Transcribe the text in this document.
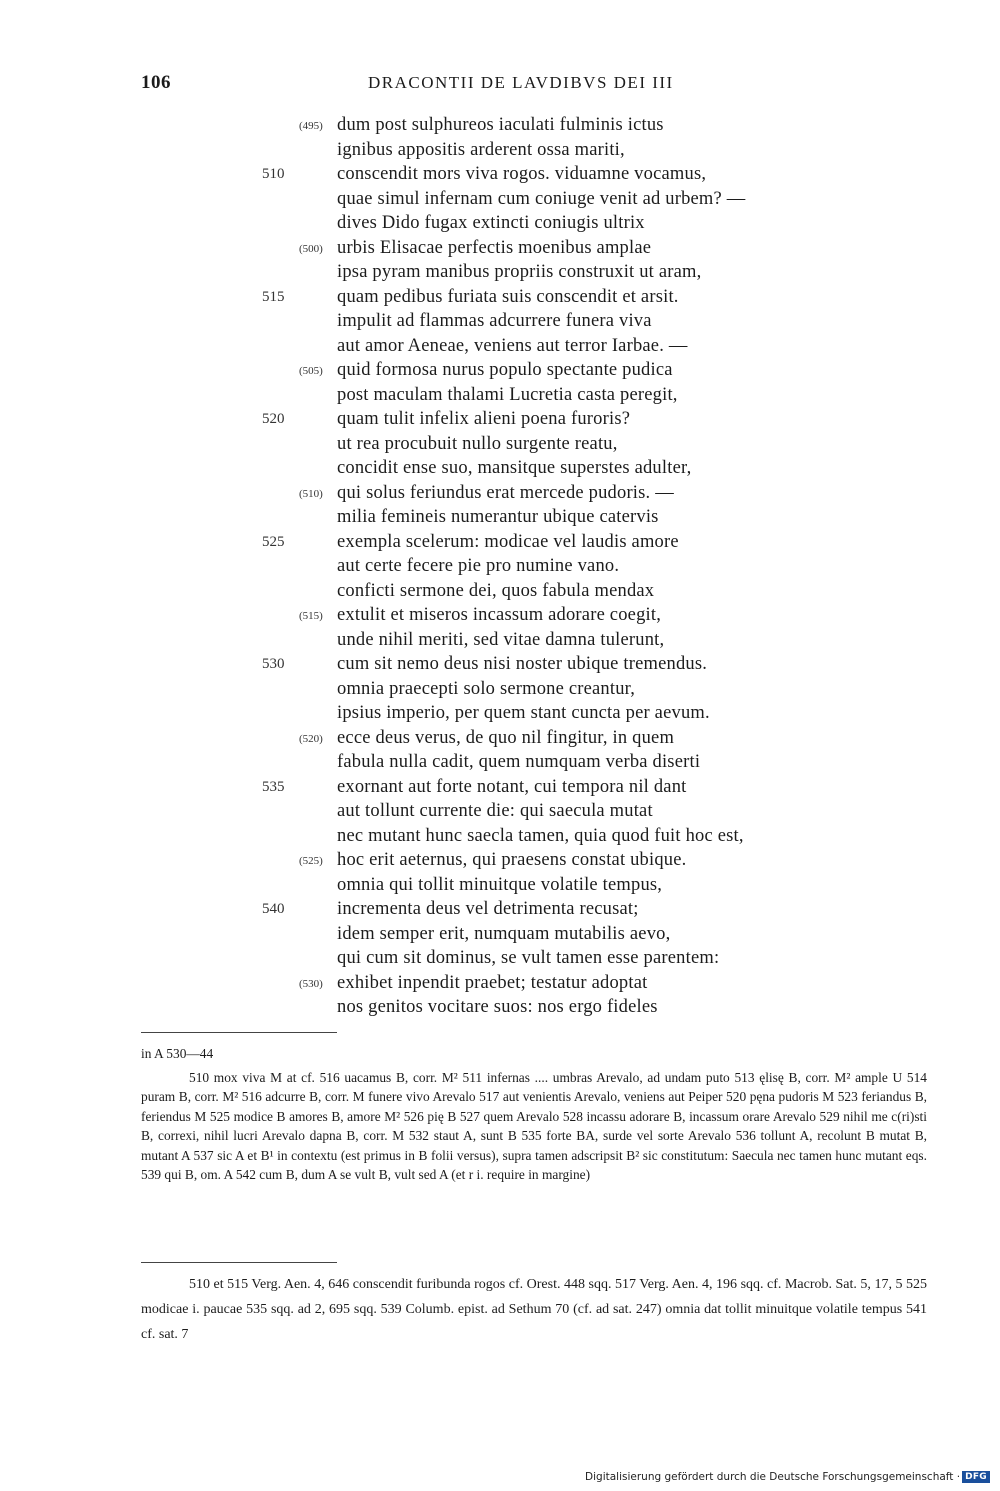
106	DRACONTII DE LAVDIBVS DEI III
(495) dum post sulphureos iaculati fulminis ictus
ignibus appositis arderent ossa mariti,
510	conscendit mors viva rogos. viduamne vocamus,
quae simul infernam cum coniuge venit ad urbem? —
dives Dido fugax extincti coniugis ultrix
(500) urbis Elisacae perfectis moenibus amplae
ipsa pyram manibus propriis construxit ut aram,
515	quam pedibus furiata suis conscendit et arsit.
impulit ad flammas adcurrere funera viva
aut amor Aeneae, veniens aut terror Iarbae. —
(505) quid formosa nurus populo spectante pudica
post maculam thalami Lucretia casta peregit,
520	quam tulit infelix alieni poena furoris?
ut rea procubuit nullo surgente reatu,
concidit ense suo, mansitque superstes adulter,
(510) qui solus feriundus erat mercede pudoris. —
milia femineis numerantur ubique catervis
525	exempla scelerum: modicae vel laudis amore
aut certe fecere pie pro numine vano.
conficti sermone dei, quos fabula mendax
(515) extulit et miseros incassum adorare coegit,
unde nihil meriti, sed vitae damna tulerunt,
530	cum sit nemo deus nisi noster ubique tremendus.
omnia praecepti solo sermone creantur,
ipsius imperio, per quem stant cuncta per aevum.
(520) ecce deus verus, de quo nil fingitur, in quem
fabula nulla cadit, quem numquam verba diserti
535	exornant aut forte notant, cui tempora nil dant
aut tollunt currente die: qui saecula mutat
nec mutant hunc saecla tamen, quia quod fuit hoc est,
(525) hoc erit aeternus, qui praesens constat ubique.
omnia qui tollit minuitque volatile tempus,
540	incrementa deus vel detrimenta recusat;
idem semper erit, numquam mutabilis aevo,
qui cum sit dominus, se vult tamen esse parentem:
(530) exhibet inpendit praebet; testatur adoptat
nos genitos vocitare suos: nos ergo fideles
in A 530—44
510 mox viva M at cf. 516 uacamus B, corr. M² 511 infernas .... umbras Arevalo, ad undam puto 513 ęlisę B, corr. M² ample U 514 puram B, corr. M² 516 adcurre B, corr. M funere vivo Arevalo 517 aut venientis Arevalo, veniens aut Peiper 520 pęna pudoris M 523 feriandus B, feriendus M 525 modice B amores B, amore M² 526 pię B 527 quem Arevalo 528 incassu adorare B, incassum orare Arevalo 529 nihil me c(ri)sti B, correxi, nihil lucri Arevalo dapna B, corr. M 532 staut A, sunt B 535 forte BA, surde vel sorte Arevalo 536 tollunt A, recolunt B mutat B, mutant A 537 sic A et B¹ in contextu (est primus in B folii versus), supra tamen adscripsit B² sic constitutum: Saecula nec tamen hunc mutant eqs. 539 qui B, om. A 542 cum B, dum A se vult B, vult sed A (et r i. require in margine)
510 et 515 Verg. Aen. 4, 646 conscendit furibunda rogos cf. Orest. 448 sqq. 517 Verg. Aen. 4, 196 sqq. cf. Macrob. Sat. 5, 17, 5 525 modicae i. paucae 535 sqq. ad 2, 695 sqq. 539 Columb. epist. ad Sethum 70 (cf. ad sat. 247) omnia dat tollit minuitque volatile tempus 541 cf. sat. 7
Digitalisierung gefördert durch die Deutsche Forschungsgemeinschaft · DFG
